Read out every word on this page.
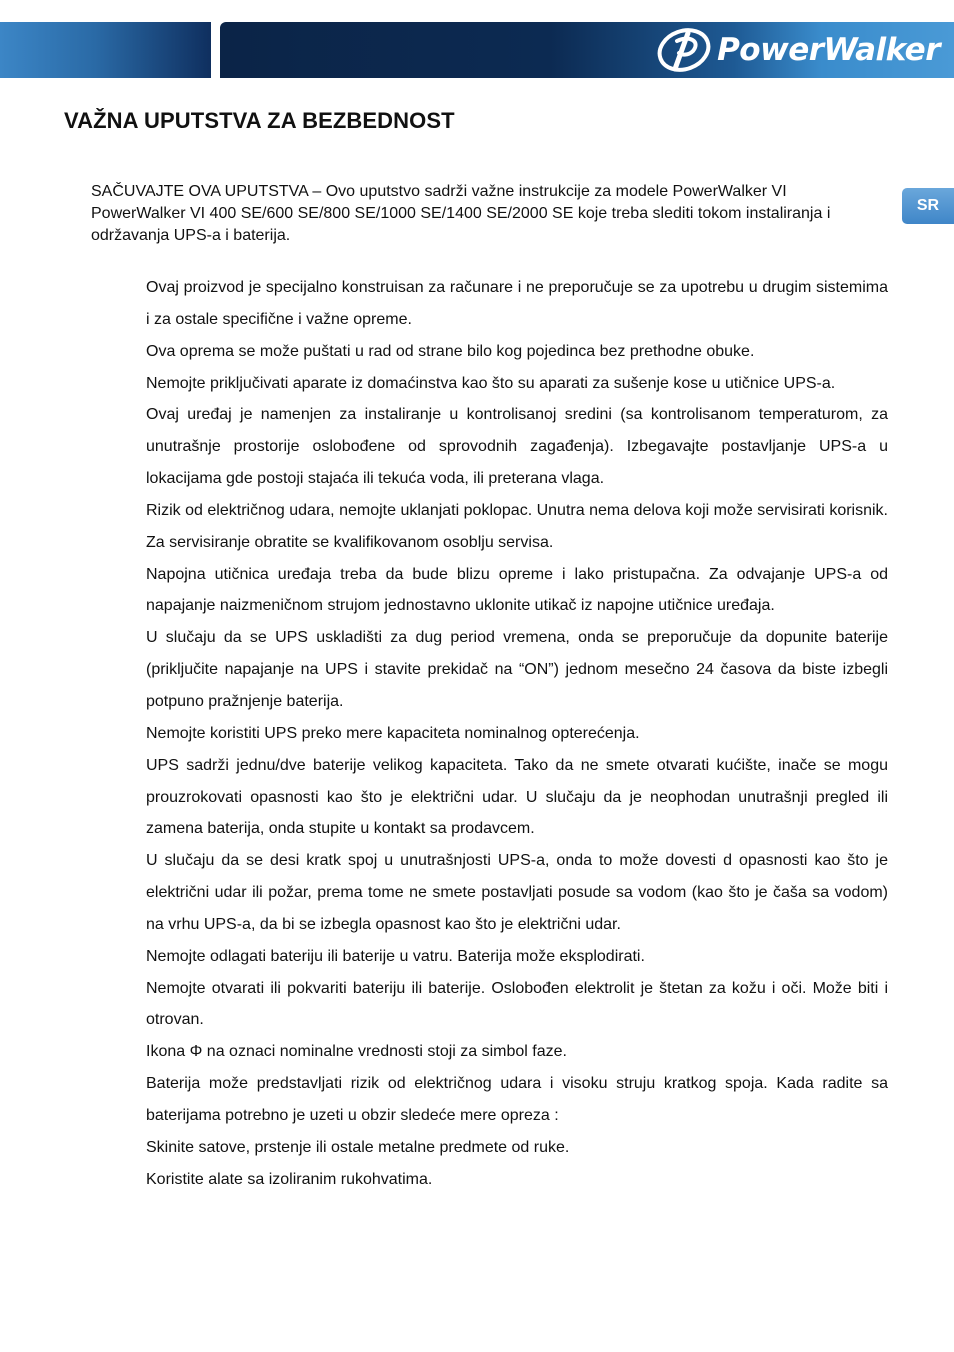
PowerWalker
VAŽNA UPUTSTVA ZA BEZBEDNOST
SR

SAČUVAJTE OVA UPUTSTVA – Ovo uputstvo sadrži važne instrukcije za modele PowerWalker VI
PowerWalker VI 400 SE/600 SE/800 SE/1000 SE/1400 SE/2000 SE koje treba slediti tokom instaliranja i
održavanja UPS-a i baterija.

Ovaj proizvod je specijalno konstruisan za računare i ne preporučuje se za upotrebu u drugim sistemima i za ostale specifične i važne opreme.
Ova oprema se može puštati u rad od strane bilo kog pojedinca bez prethodne obuke.
Nemojte priključivati aparate iz domaćinstva kao što su aparati za sušenje kose u utičnice UPS-a.
Ovaj uređaj je namenjen za instaliranje u kontrolisanoj sredini (sa kontrolisanom temperaturom, za unutrašnje prostorije oslobođene od sprovodnih zagađenja). Izbegavajte postavljanje UPS-a u lokacijama gde postoji stajaća ili tekuća voda, ili preterana vlaga.
Rizik od električnog udara, nemojte uklanjati poklopac. Unutra nema delova koji može servisirati korisnik. Za servisiranje obratite se kvalifikovanom osoblju servisa.
Napojna utičnica uređaja treba da bude blizu opreme i lako pristupačna. Za odvajanje UPS-a od napajanje naizmeničnom strujom jednostavno uklonite utikač iz napojne utičnice uređaja.
U slučaju da se UPS uskladišti za dug period vremena, onda se preporučuje da dopunite baterije (priključite napajanje na UPS i stavite prekidač na “ON”) jednom mesečno 24 časova da biste izbegli potpuno pražnjenje baterija.
Nemojte koristiti UPS preko mere kapaciteta nominalnog opterećenja.
UPS sadrži jednu/dve baterije velikog kapaciteta. Tako da ne smete otvarati kućište, inače se mogu prouzrokovati opasnosti kao što je električni udar. U slučaju da je neophodan unutrašnji pregled ili zamena baterija, onda stupite u kontakt sa prodavcem.
U slučaju da se desi kratk spoj u unutrašnjosti UPS-a, onda to može dovesti d opasnosti kao što je električni udar ili požar, prema tome ne smete postavljati posude sa vodom (kao što je čaša sa vodom) na vrhu UPS-a, da bi se izbegla opasnost kao što je električni udar.
Nemojte odlagati bateriju ili baterije u vatru. Baterija može eksplodirati.
Nemojte otvarati ili pokvariti bateriju ili baterije. Oslobođen elektrolit je štetan za kožu i oči. Može biti i otrovan.
Ikona Φ na oznaci nominalne vrednosti stoji za simbol faze.
Baterija može predstavljati rizik od električnog udara i visoku struju kratkog spoja. Kada radite sa baterijama potrebno je uzeti u obzir sledeće mere opreza :
Skinite satove, prstenje ili ostale metalne predmete od ruke.
Koristite alate sa izoliranim rukohvatima.
